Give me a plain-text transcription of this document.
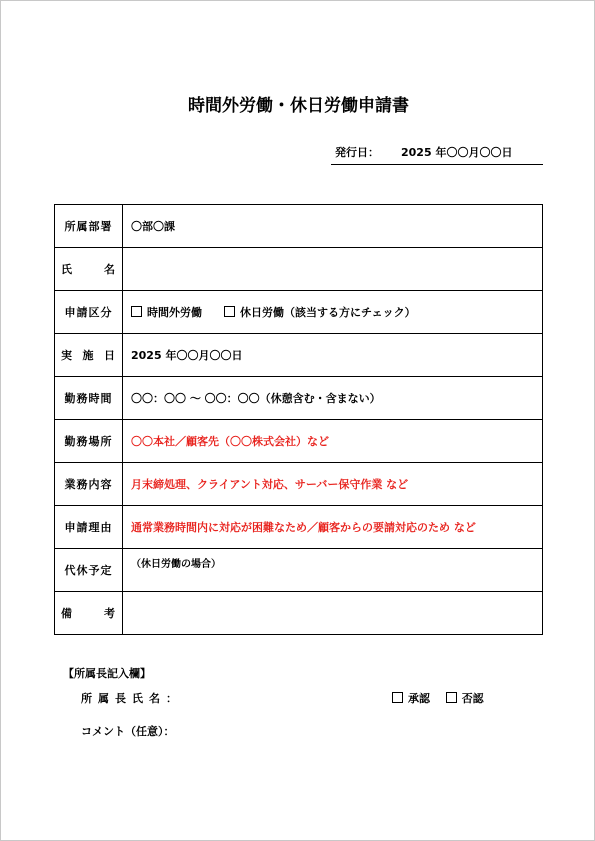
時間外労働・休日労働申請書
発行日： 2025 年〇〇月〇〇日
所属部署	〇部〇課

氏 名	

申請区分	時間外労働 休日労働（該当する方にチェック）

実 施 日	2025 年〇〇月〇〇日
勤務時間	〇〇：〇〇 ～ 〇〇：〇〇（休憩含む・含まない）
勤務場所	〇〇本社／顧客先（〇〇株式会社）など
業務内容	月末締処理、クライアント対応、サーバー保守作業 など
申請理由	通常業務時間内に対応が困難なため／顧客からの要請対応のため など
代休予定	（休日労働の場合）

備 考	

【所属長記入欄】
所属長氏名：	承認	否認
コメント（任意）：
